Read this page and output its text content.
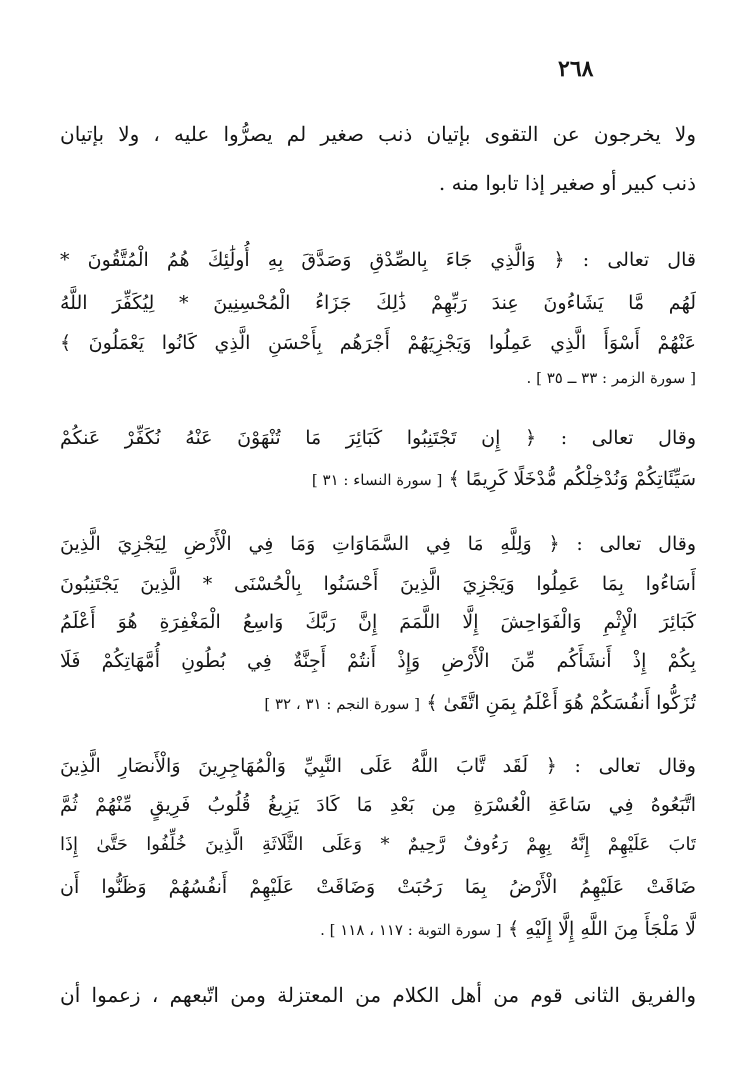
٢٦٨
ولا يخرجون عن التقوى بإتيان ذنب صغير لم يصرُّوا عليه ، ولا بإتيان
ذنب كبير أو صغير إذا تابوا منه .
قال تعالى : ﴿ وَالَّذِي جَاءَ بِالصِّدْقِ وَصَدَّقَ بِهِ أُولَٰئِكَ هُمُ الْمُتَّقُونَ *
لَهُم مَّا يَشَاءُونَ عِندَ رَبِّهِمْ ذَٰلِكَ جَزَاءُ الْمُحْسِنِينَ * لِيُكَفِّرَ اللَّهُ
عَنْهُمْ أَسْوَأَ الَّذِي عَمِلُوا وَيَجْزِيَهُمْ أَجْرَهُم بِأَحْسَنِ الَّذِي كَانُوا يَعْمَلُونَ ﴾
[ سورة الزمر : ٣٣ ــ ٣٥ ] .
وقال تعالى : ﴿ إِن تَجْتَنِبُوا كَبَائِرَ مَا تُنْهَوْنَ عَنْهُ نُكَفِّرْ عَنكُمْ
سَيِّئَاتِكُمْ وَنُدْخِلْكُم مُّدْخَلًا كَرِيمًا ﴾ [ سورة النساء : ٣١ ]
وقال تعالى : ﴿ وَلِلَّهِ مَا فِي السَّمَاوَاتِ وَمَا فِي الْأَرْضِ لِيَجْزِيَ الَّذِينَ
أَسَاءُوا بِمَا عَمِلُوا وَيَجْزِيَ الَّذِينَ أَحْسَنُوا بِالْحُسْنَى * الَّذِينَ يَجْتَنِبُونَ
كَبَائِرَ الْإِثْمِ وَالْفَوَاحِشَ إِلَّا اللَّمَمَ إِنَّ رَبَّكَ وَاسِعُ الْمَغْفِرَةِ هُوَ أَعْلَمُ
بِكُمْ إِذْ أَنشَأَكُم مِّنَ الْأَرْضِ وَإِذْ أَنتُمْ أَجِنَّةٌ فِي بُطُونِ أُمَّهَاتِكُمْ فَلَا
تُزَكُّوا أَنفُسَكُمْ هُوَ أَعْلَمُ بِمَنِ اتَّقَىٰ ﴾ [ سورة النجم : ٣١ ، ٣٢ ]
وقال تعالى : ﴿ لَقَد تَّابَ اللَّهُ عَلَى النَّبِيِّ وَالْمُهَاجِرِينَ وَالْأَنصَارِ الَّذِينَ
اتَّبَعُوهُ فِي سَاعَةِ الْعُسْرَةِ مِن بَعْدِ مَا كَادَ يَزِيغُ قُلُوبُ فَرِيقٍ مِّنْهُمْ ثُمَّ
تَابَ عَلَيْهِمْ إِنَّهُ بِهِمْ رَءُوفٌ رَّحِيمٌ * وَعَلَى الثَّلَاثَةِ الَّذِينَ خُلِّفُوا حَتَّىٰ إِذَا
ضَاقَتْ عَلَيْهِمُ الْأَرْضُ بِمَا رَحُبَتْ وَضَاقَتْ عَلَيْهِمْ أَنفُسُهُمْ وَظَنُّوا أَن
لَّا مَلْجَأَ مِنَ اللَّهِ إِلَّا إِلَيْهِ ﴾ [ سورة التوبة : ١١٧ ، ١١٨ ] .
والفريق الثانى قوم من أهل الكلام من المعتزلة ومن اتّبعهم ، زعموا أن
